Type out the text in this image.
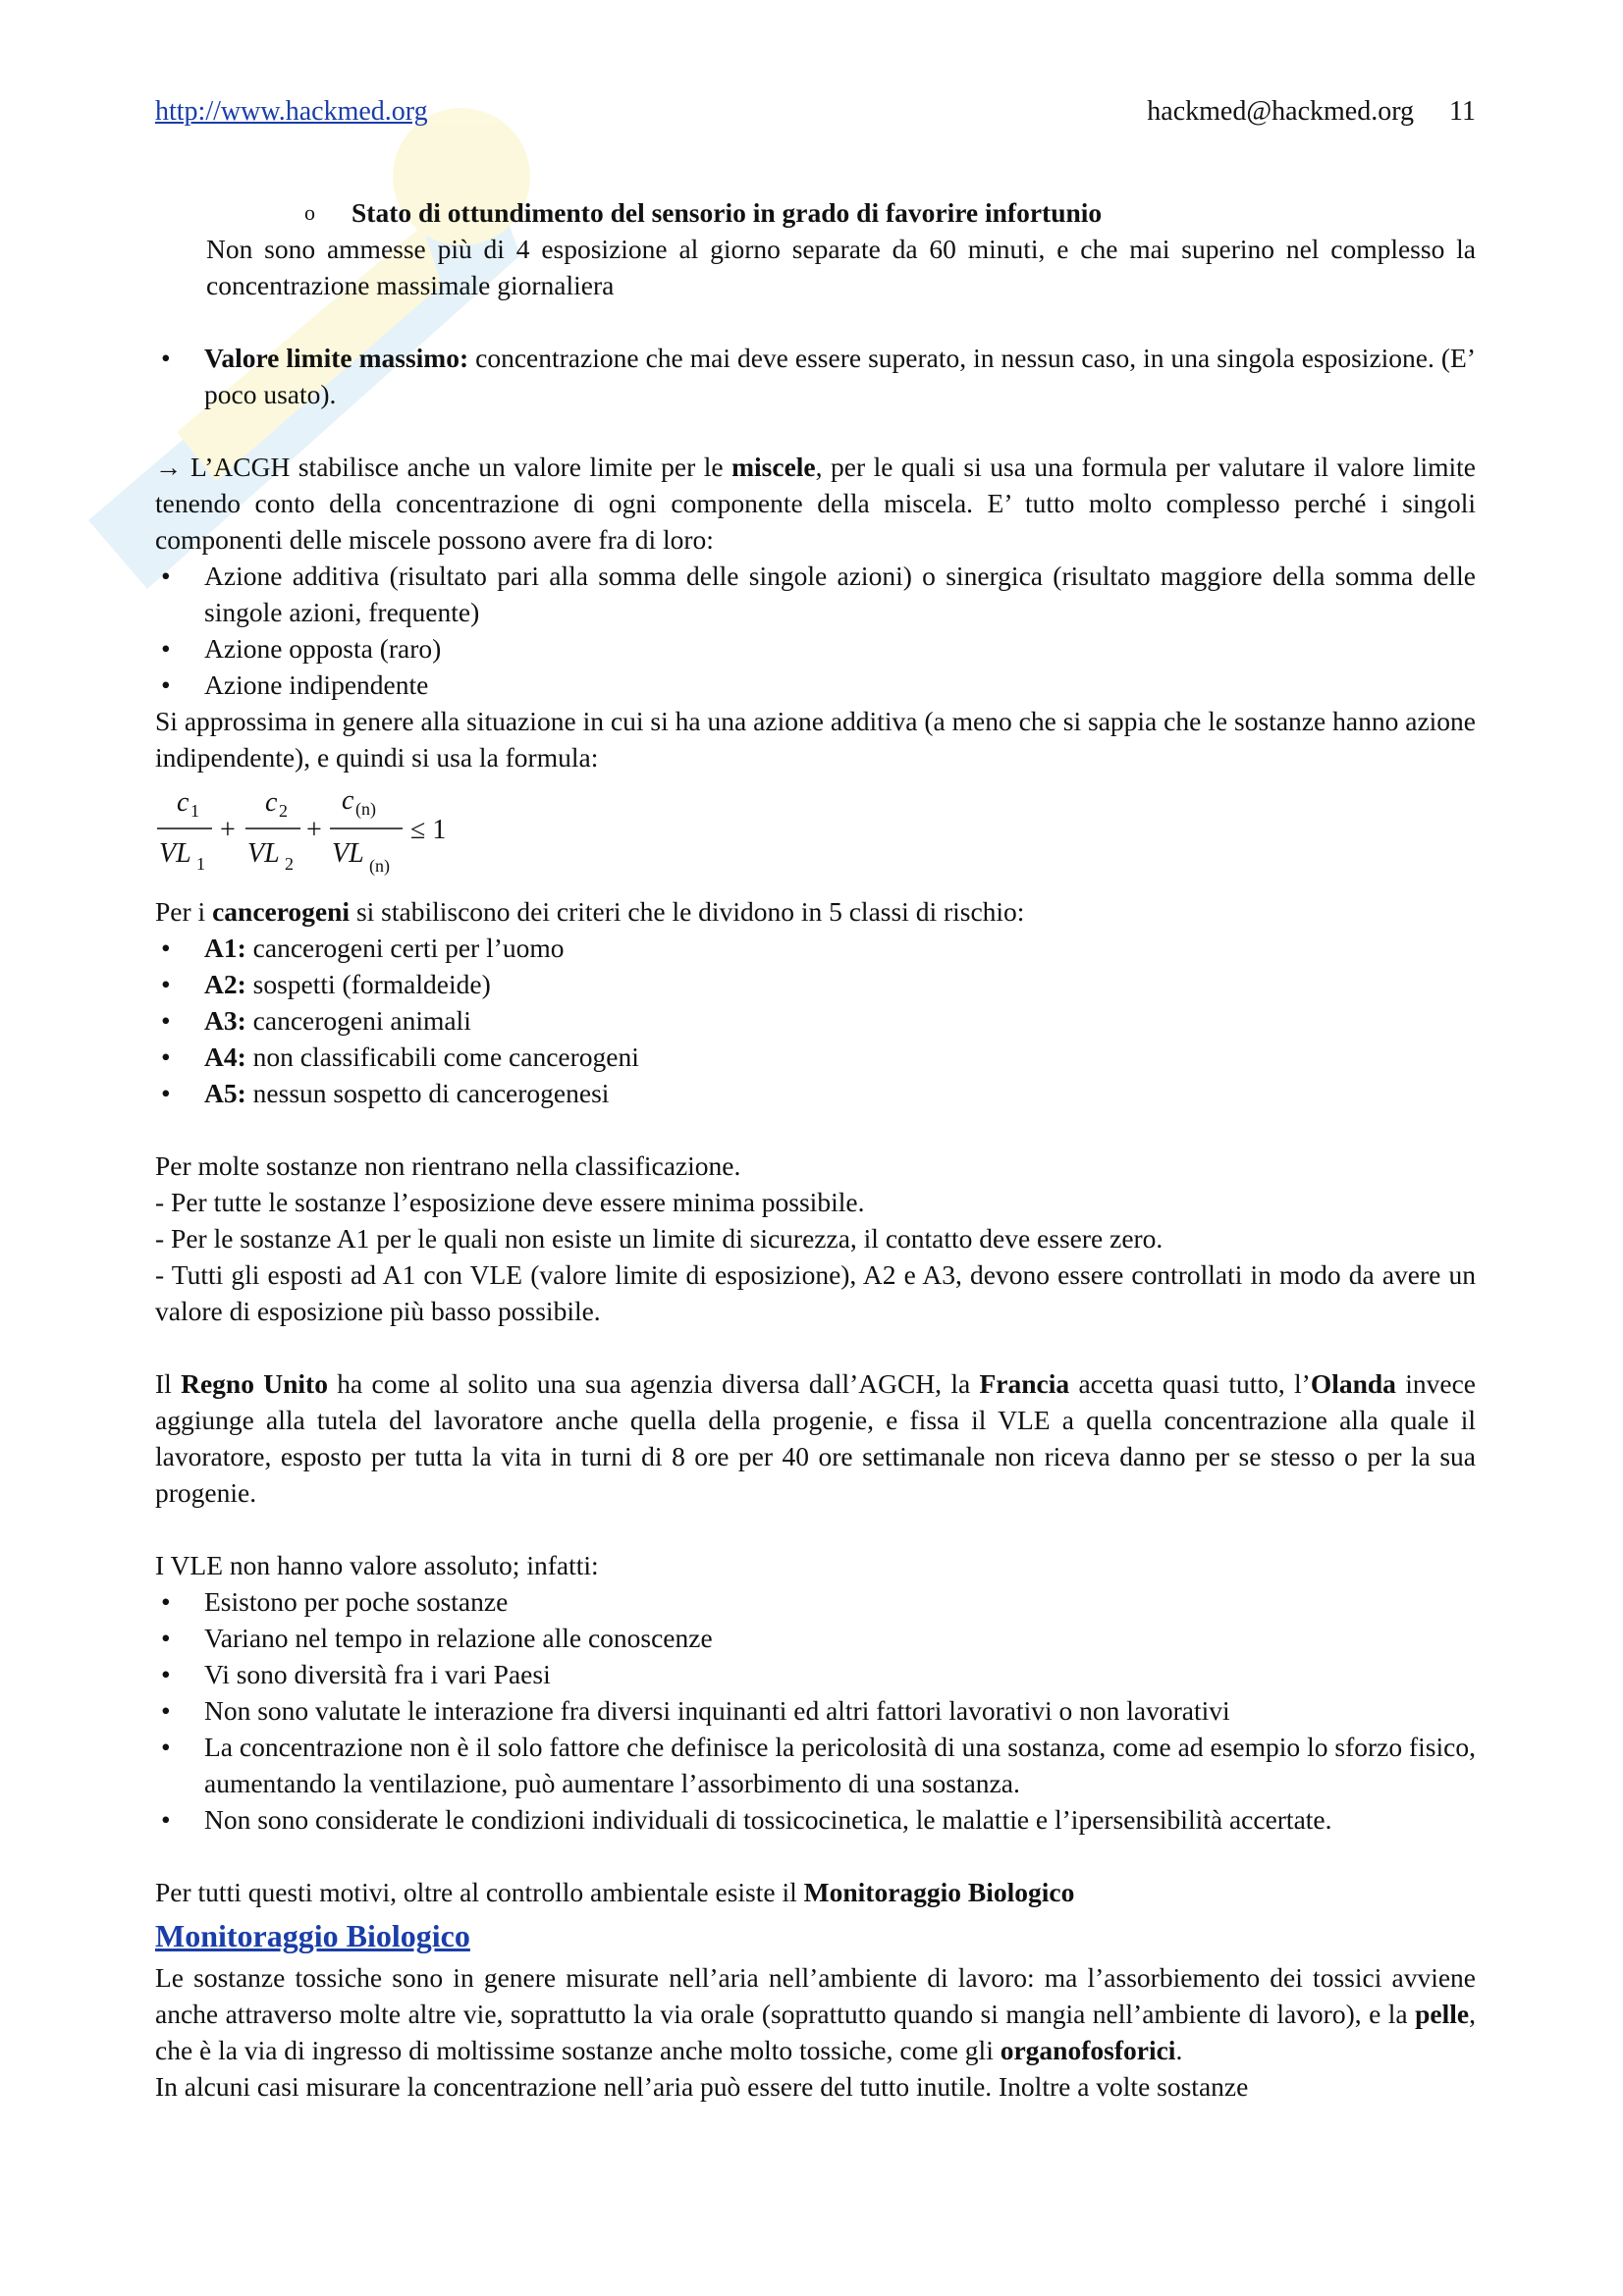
http://www.hackmed.org	hackmed@hackmed.org 11

o Stato di ottundimento del sensorio in grado di favorire infortunio

Non sono ammesse più di 4 esposizione al giorno separate da 60 minuti, e che mai superino nel complesso la concentrazione massimale giornaliera

• Valore limite massimo: concentrazione che mai deve essere superato, in nessun caso, in una singola esposizione. (E’ poco usato).

→ L’ACGH stabilisce anche un valore limite per le miscele, per le quali si usa una formula per valutare il valore limite tenendo conto della concentrazione di ogni componente della miscela. E’ tutto molto complesso perché i singoli componenti delle miscele possono avere fra di loro:

• Azione additiva (risultato pari alla somma delle singole azioni) o sinergica (risultato maggiore della somma delle singole azioni, frequente)
• Azione opposta (raro)
• Azione indipendente

Si approssima in genere alla situazione in cui si ha una azione additiva (a meno che si sappia che le sostanze hanno azione indipendente), e quindi si usa la formula:

c 1
VL 1
+
c 2
VL 2
+
c (n)
VL (n)
≤ 1

Per i cancerogeni si stabiliscono dei criteri che le dividono in 5 classi di rischio:

• A1: cancerogeni certi per l’uomo
• A2: sospetti (formaldeide)
• A3: cancerogeni animali
• A4: non classificabili come cancerogeni
• A5: nessun sospetto di cancerogenesi

Per molte sostanze non rientrano nella classificazione.

- Per tutte le sostanze l’esposizione deve essere minima possibile.

- Per le sostanze A1 per le quali non esiste un limite di sicurezza, il contatto deve essere zero.

- Tutti gli esposti ad A1 con VLE (valore limite di esposizione), A2 e A3, devono essere controllati in modo da avere un valore di esposizione più basso possibile.

Il Regno Unito ha come al solito una sua agenzia diversa dall’AGCH, la Francia accetta quasi tutto, l’Olanda invece aggiunge alla tutela del lavoratore anche quella della progenie, e fissa il VLE a quella concentrazione alla quale il lavoratore, esposto per tutta la vita in turni di 8 ore per 40 ore settimanale non riceva danno per se stesso o per la sua progenie.

I VLE non hanno valore assoluto; infatti:

• Esistono per poche sostanze
• Variano nel tempo in relazione alle conoscenze
• Vi sono diversità fra i vari Paesi
• Non sono valutate le interazione fra diversi inquinanti ed altri fattori lavorativi o non lavorativi
• La concentrazione non è il solo fattore che definisce la pericolosità di una sostanza, come ad esempio lo sforzo fisico, aumentando la ventilazione, può aumentare l’assorbimento di una sostanza.
• Non sono considerate le condizioni individuali di tossicocinetica, le malattie e l’ipersensibilità accertate.

Per tutti questi motivi, oltre al controllo ambientale esiste il Monitoraggio Biologico

Monitoraggio Biologico

Le sostanze tossiche sono in genere misurate nell’aria nell’ambiente di lavoro: ma l’assorbiemento dei tossici avviene anche attraverso molte altre vie, soprattutto la via orale (soprattutto quando si mangia nell’ambiente di lavoro), e la pelle, che è la via di ingresso di moltissime sostanze anche molto tossiche, come gli organofosforici.

In alcuni casi misurare la concentrazione nell’aria può essere del tutto inutile. Inoltre a volte sostanze
